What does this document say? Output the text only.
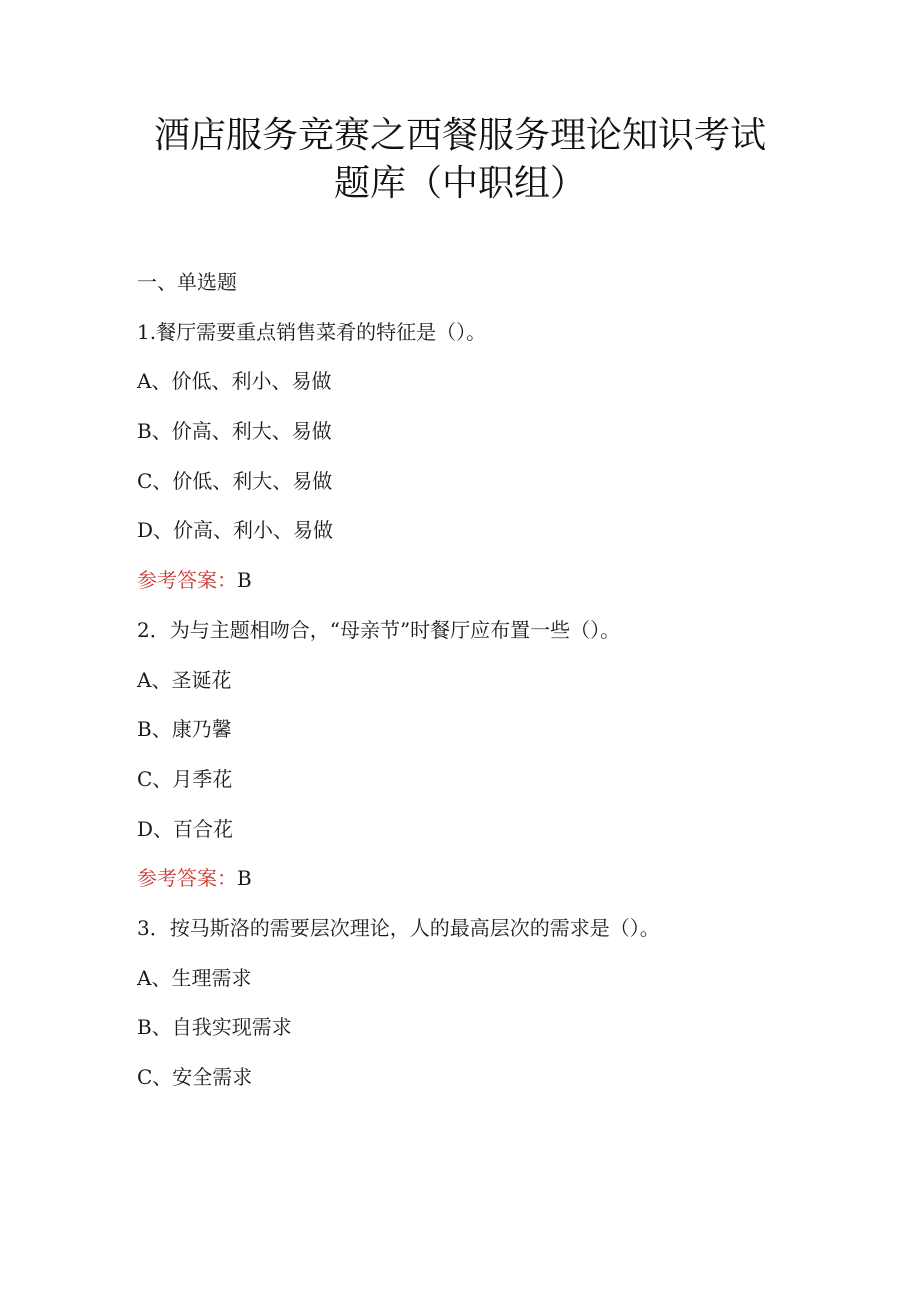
酒店服务竞赛之西餐服务理论知识考试
题库（中职组）
一、单选题
1.餐厅需要重点销售菜肴的特征是（）。
A、价低、利小、易做
B、价高、利大、易做
C、价低、利大、易做
D、价高、利小、易做
参考答案：B
2．为与主题相吻合，“母亲节”时餐厅应布置一些（）。
A、圣诞花
B、康乃馨
C、月季花
D、百合花
参考答案：B
3．按马斯洛的需要层次理论，人的最高层次的需求是（）。
A、生理需求
B、自我实现需求
C、安全需求
